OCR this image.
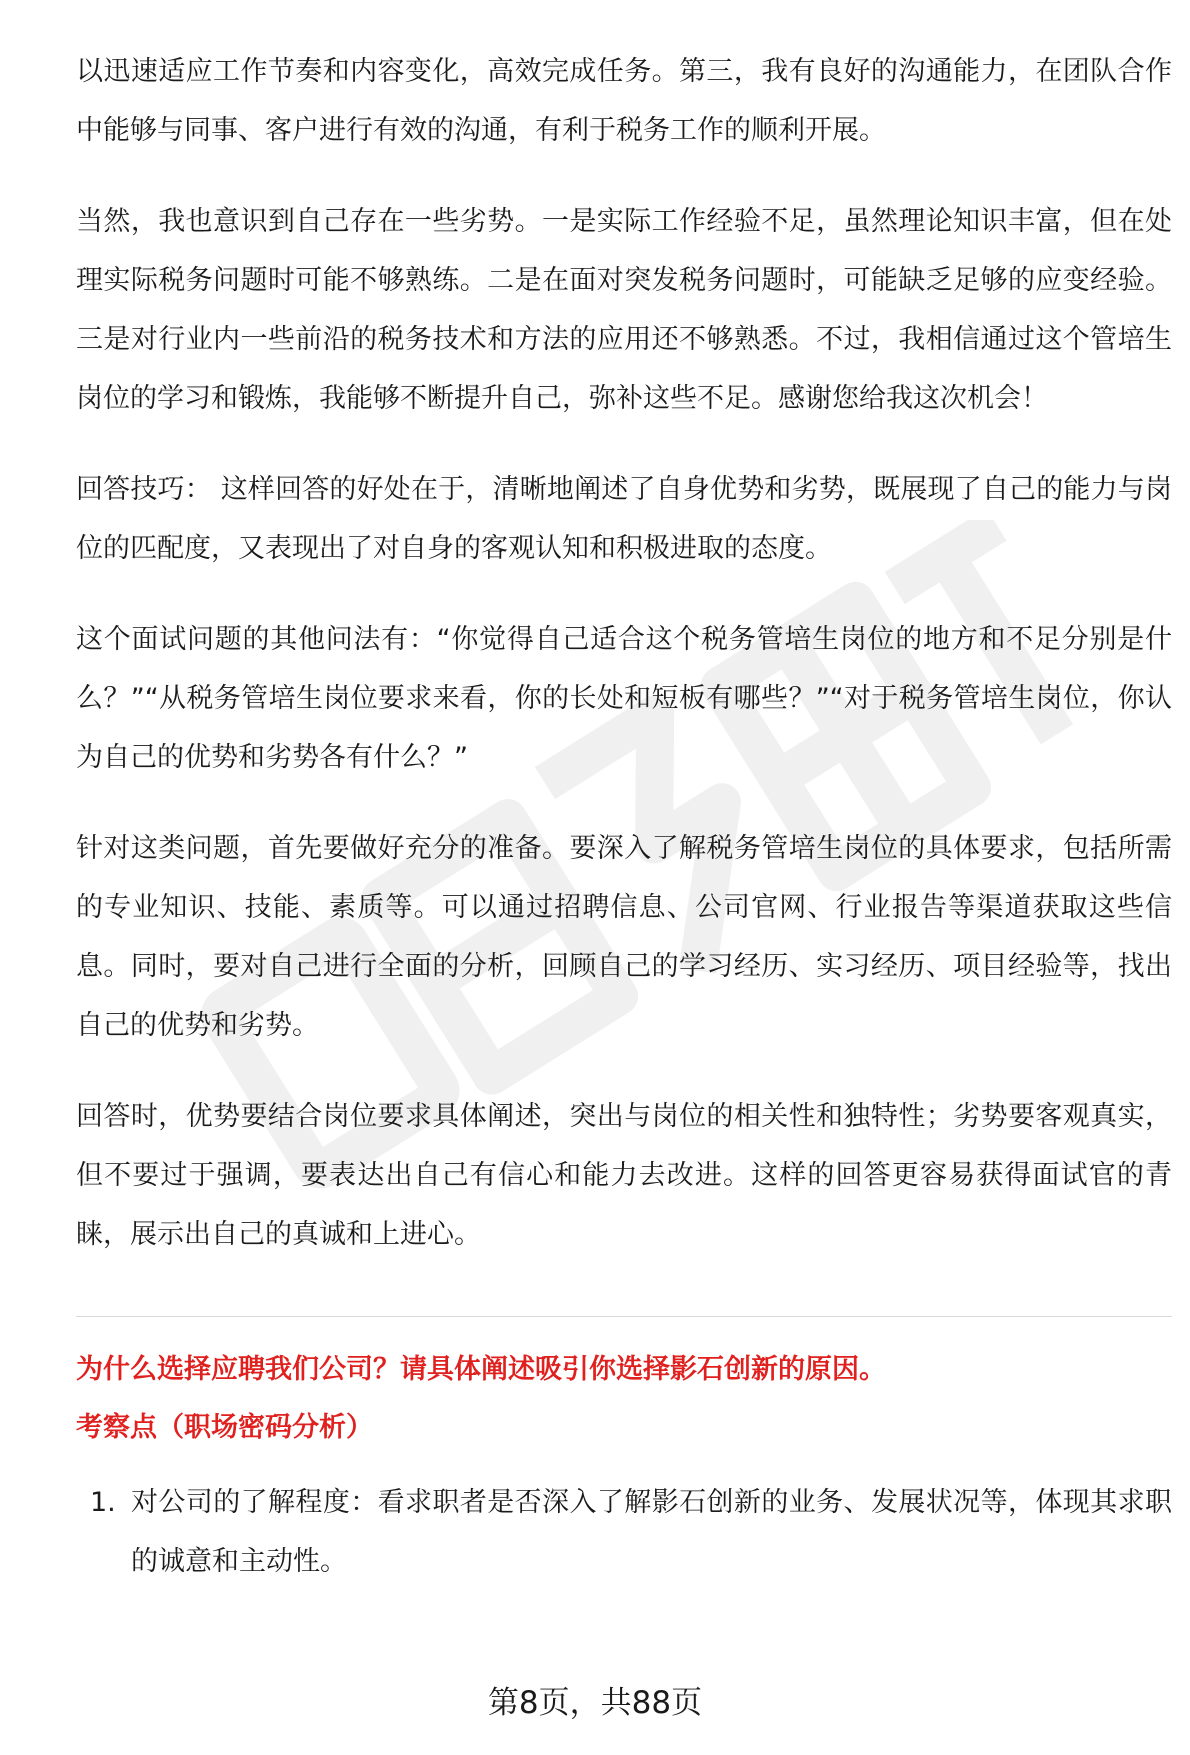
以迅速适应工作节奏和内容变化，高效完成任务。第三，我有良好的沟通能力，在团队合作中能够与同事、客户进行有效的沟通，有利于税务工作的顺利开展。

当然，我也意识到自己存在一些劣势。一是实际工作经验不足，虽然理论知识丰富，但在处理实际税务问题时可能不够熟练。二是在面对突发税务问题时，可能缺乏足够的应变经验。三是对行业内一些前沿的税务技术和方法的应用还不够熟悉。不过，我相信通过这个管培生岗位的学习和锻炼，我能够不断提升自己，弥补这些不足。感谢您给我这次机会！

回答技巧： 这样回答的好处在于，清晰地阐述了自身优势和劣势，既展现了自己的能力与岗位的匹配度，又表现出了对自身的客观认知和积极进取的态度。

这个面试问题的其他问法有：“你觉得自己适合这个税务管培生岗位的地方和不足分别是什么？”“从税务管培生岗位要求来看，你的长处和短板有哪些？”“对于税务管培生岗位，你认为自己的优势和劣势各有什么？”

针对这类问题，首先要做好充分的准备。要深入了解税务管培生岗位的具体要求，包括所需的专业知识、技能、素质等。可以通过招聘信息、公司官网、行业报告等渠道获取这些信息。同时，要对自己进行全面的分析，回顾自己的学习经历、实习经历、项目经验等，找出自己的优势和劣势。

回答时，优势要结合岗位要求具体阐述，突出与岗位的相关性和独特性；劣势要客观真实，但不要过于强调，要表达出自己有信心和能力去改进。这样的回答更容易获得面试官的青睐，展示出自己的真诚和上进心。

为什么选择应聘我们公司？请具体阐述吸引你选择影石创新的原因。

考察点（职场密码分析）

1. 对公司的了解程度：看求职者是否深入了解影石创新的业务、发展状况等，体现其求职的诚意和主动性。
第8页，共88页
